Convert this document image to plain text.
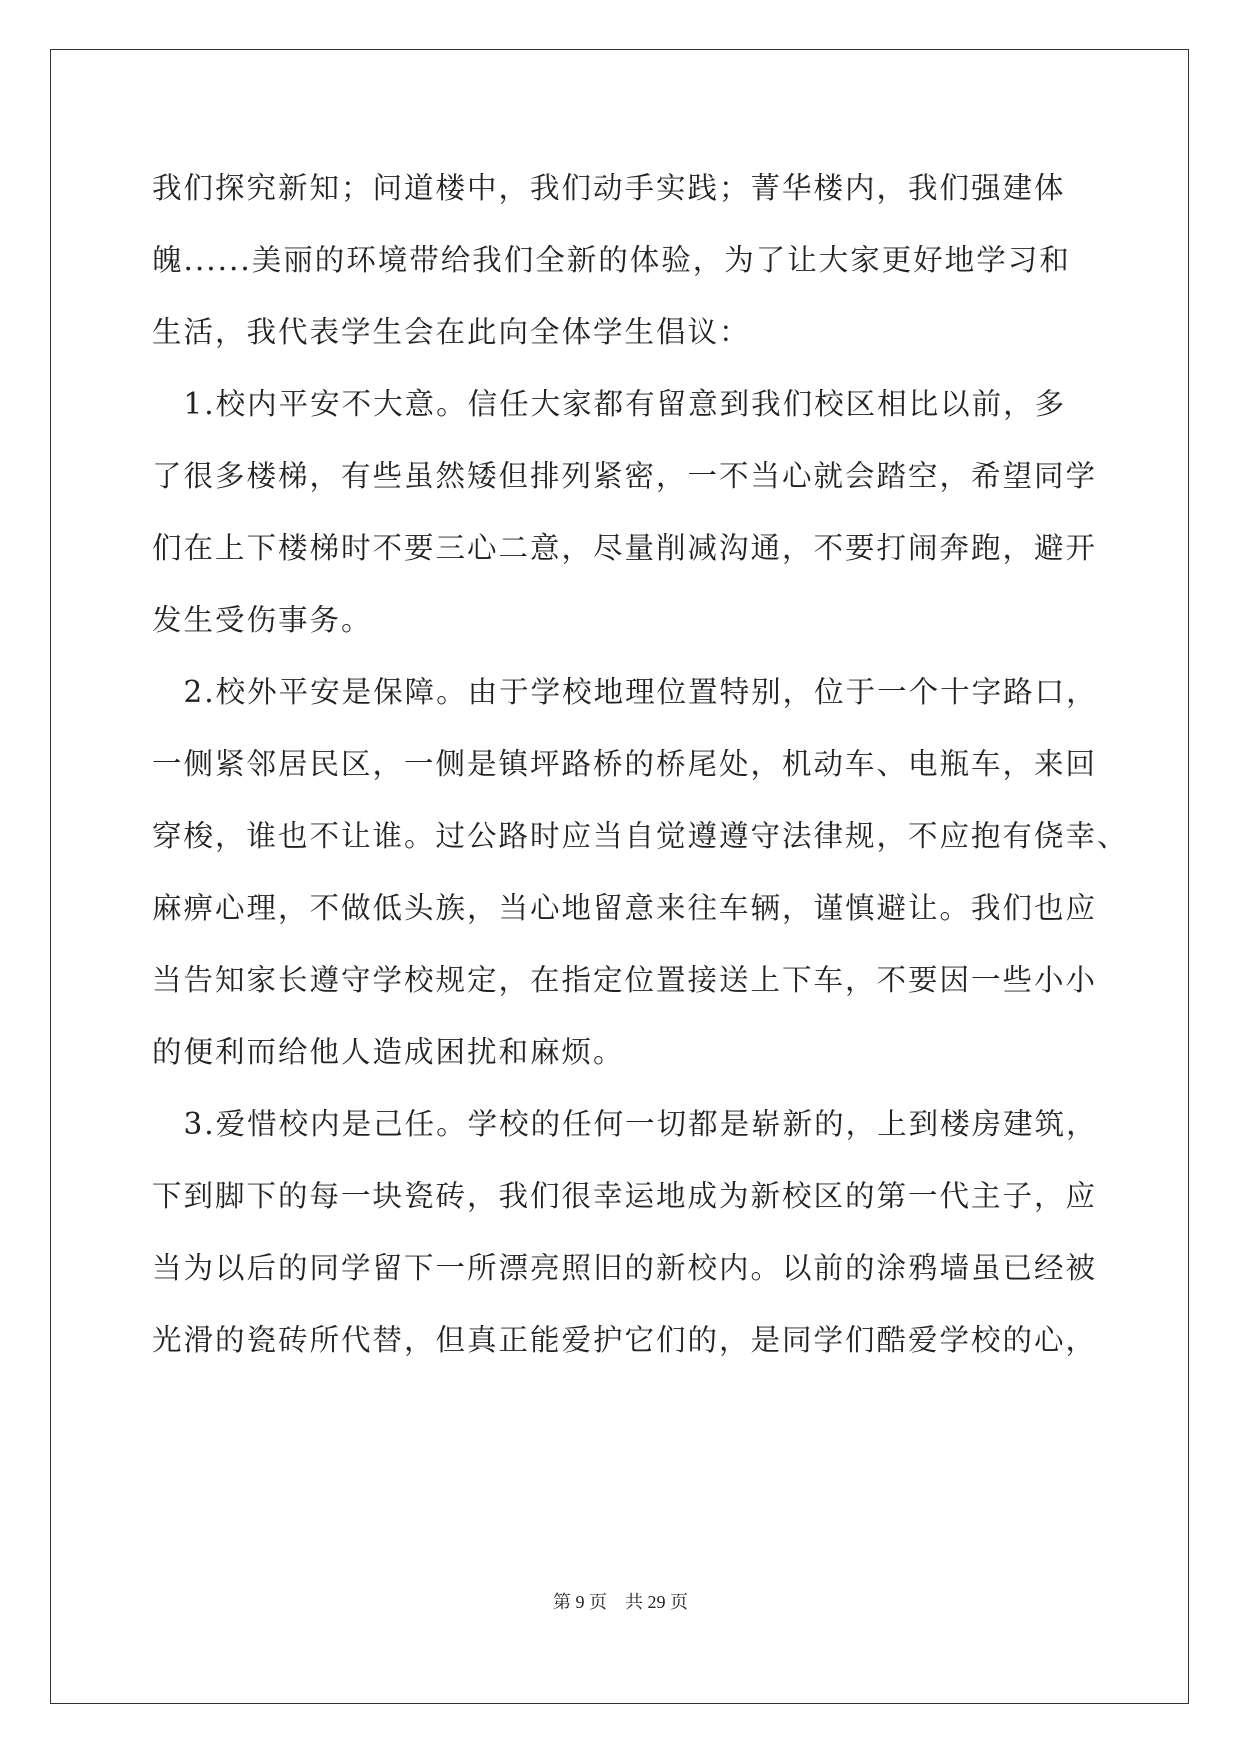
我们探究新知；问道楼中，我们动手实践；菁华楼内，我们强建体
魄......美丽的环境带给我们全新的体验，为了让大家更好地学习和
生活，我代表学生会在此向全体学生倡议：
　1.校内平安不大意。信任大家都有留意到我们校区相比以前，多
了很多楼梯，有些虽然矮但排列紧密，一不当心就会踏空，希望同学
们在上下楼梯时不要三心二意，尽量削减沟通，不要打闹奔跑，避开
发生受伤事务。
　2.校外平安是保障。由于学校地理位置特别，位于一个十字路口，
一侧紧邻居民区，一侧是镇坪路桥的桥尾处，机动车、电瓶车，来回
穿梭，谁也不让谁。过公路时应当自觉遵遵守法律规，不应抱有侥幸、
麻痹心理，不做低头族，当心地留意来往车辆，谨慎避让。我们也应
当告知家长遵守学校规定，在指定位置接送上下车，不要因一些小小
的便利而给他人造成困扰和麻烦。
　3.爱惜校内是己任。学校的任何一切都是崭新的，上到楼房建筑，
下到脚下的每一块瓷砖，我们很幸运地成为新校区的第一代主子，应
当为以后的同学留下一所漂亮照旧的新校内。以前的涂鸦墙虽已经被
光滑的瓷砖所代替，但真正能爱护它们的，是同学们酷爱学校的心，
第 9 页　共 29 页
